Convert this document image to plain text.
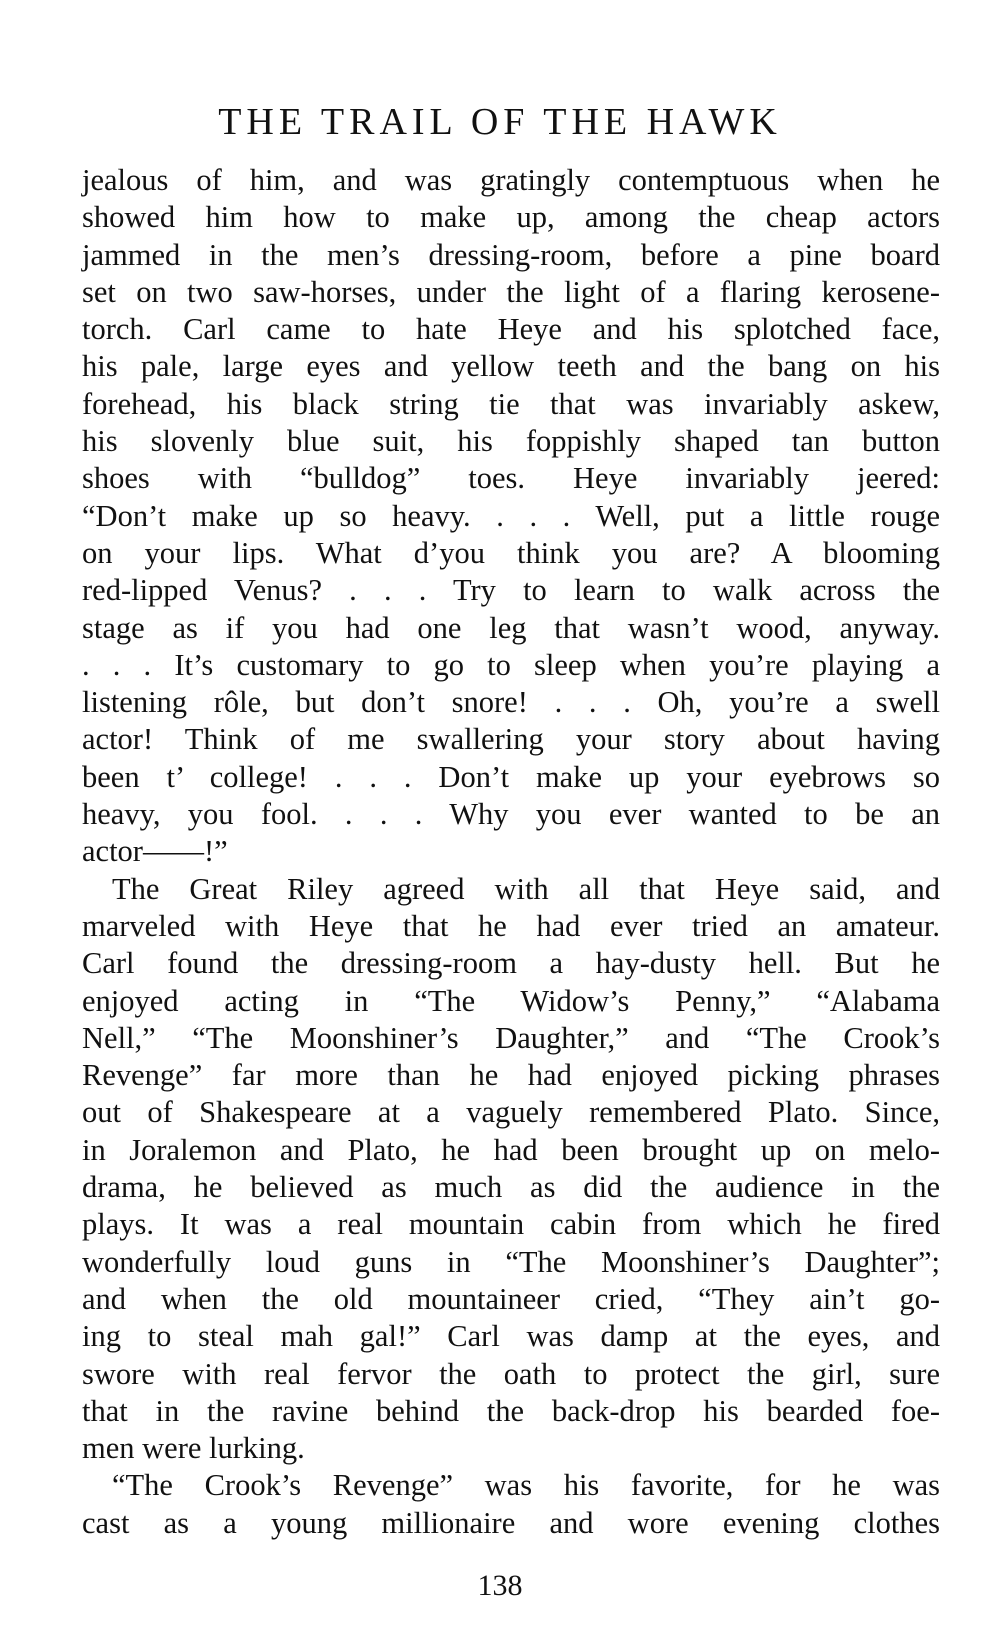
THE TRAIL OF THE HAWK
jealous of him, and was gratingly contemptuous when he
showed him how to make up, among the cheap actors
jammed in the men’s dressing-room, before a pine board
set on two saw-horses, under the light of a flaring kerosene-
torch. Carl came to hate Heye and his splotched face,
his pale, large eyes and yellow teeth and the bang on his
forehead, his black string tie that was invariably askew,
his slovenly blue suit, his foppishly shaped tan button
shoes with “bulldog” toes. Heye invariably jeered:
“Don’t make up so heavy. . . . Well, put a little rouge
on your lips. What d’you think you are? A blooming
red-lipped Venus? . . . Try to learn to walk across the
stage as if you had one leg that wasn’t wood, anyway.
. . . It’s customary to go to sleep when you’re playing a
listening rôle, but don’t snore! . . . Oh, you’re a swell
actor! Think of me swallering your story about having
been t’ college! . . . Don’t make up your eyebrows so
heavy, you fool. . . . Why you ever wanted to be an
actor——!”
The Great Riley agreed with all that Heye said, and
marveled with Heye that he had ever tried an amateur.
Carl found the dressing-room a hay-dusty hell. But he
enjoyed acting in “The Widow’s Penny,” “Alabama
Nell,” “The Moonshiner’s Daughter,” and “The Crook’s
Revenge” far more than he had enjoyed picking phrases
out of Shakespeare at a vaguely remembered Plato. Since,
in Joralemon and Plato, he had been brought up on melo-
drama, he believed as much as did the audience in the
plays. It was a real mountain cabin from which he fired
wonderfully loud guns in “The Moonshiner’s Daughter”;
and when the old mountaineer cried, “They ain’t go-
ing to steal mah gal!” Carl was damp at the eyes, and
swore with real fervor the oath to protect the girl, sure
that in the ravine behind the back-drop his bearded foe-
men were lurking.
“The Crook’s Revenge” was his favorite, for he was
cast as a young millionaire and wore evening clothes
138
